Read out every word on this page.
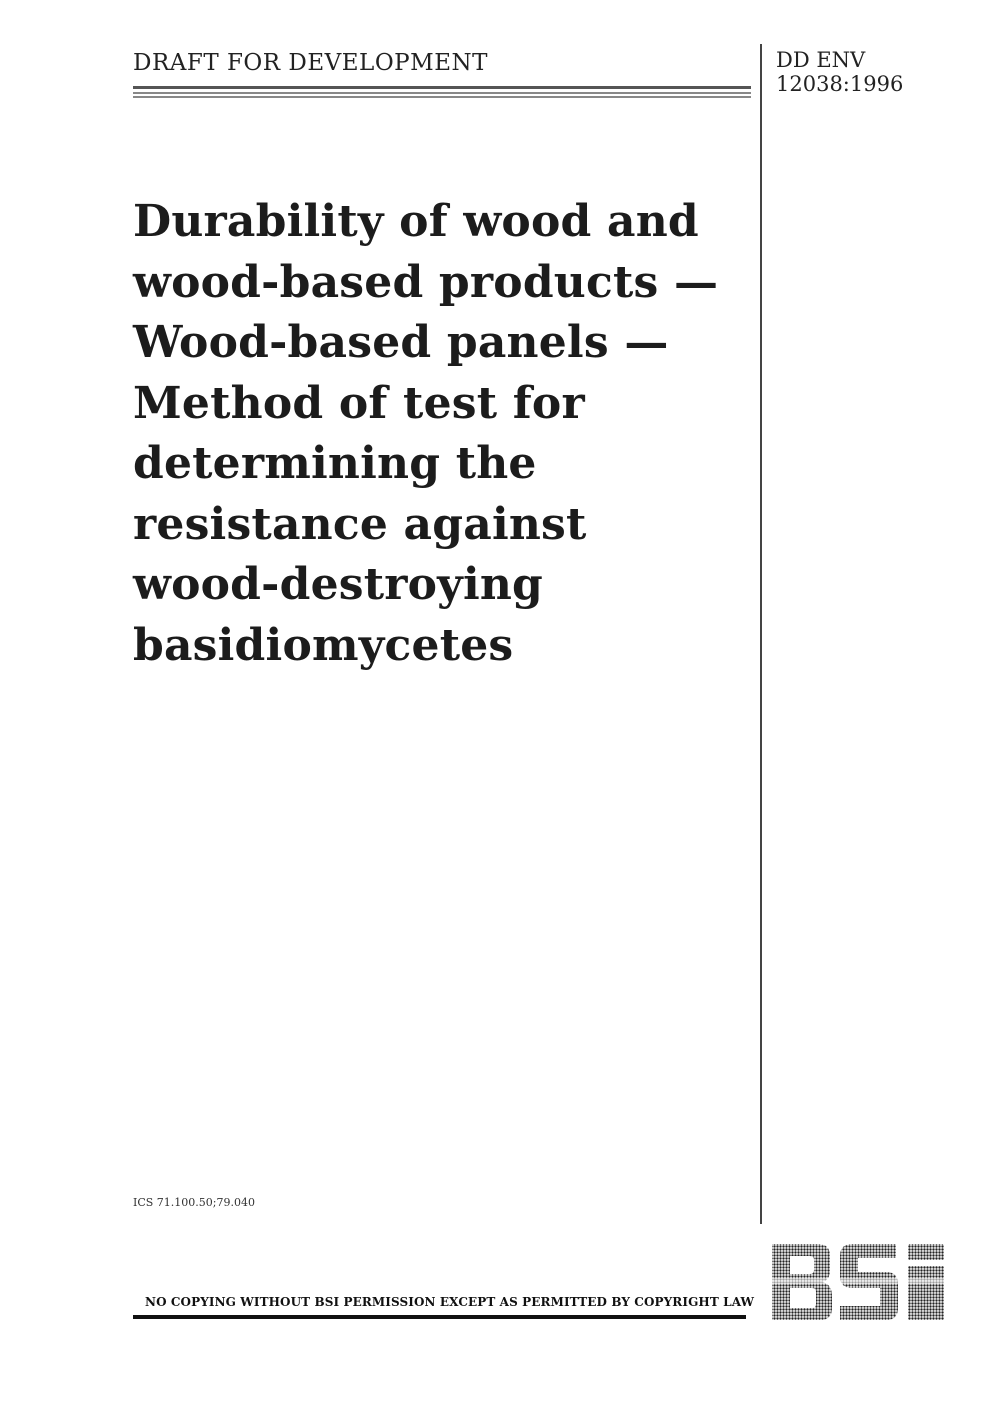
DRAFT FOR DEVELOPMENT	DD ENV
12038:1996
Durability of wood and
wood-based products —
Wood-based panels —
Method of test for
determining the
resistance against
wood-destroying
basidiomycetes
ICS 71.100.50;79.040
NO COPYING WITHOUT BSI PERMISSION EXCEPT AS PERMITTED BY COPYRIGHT LAW
